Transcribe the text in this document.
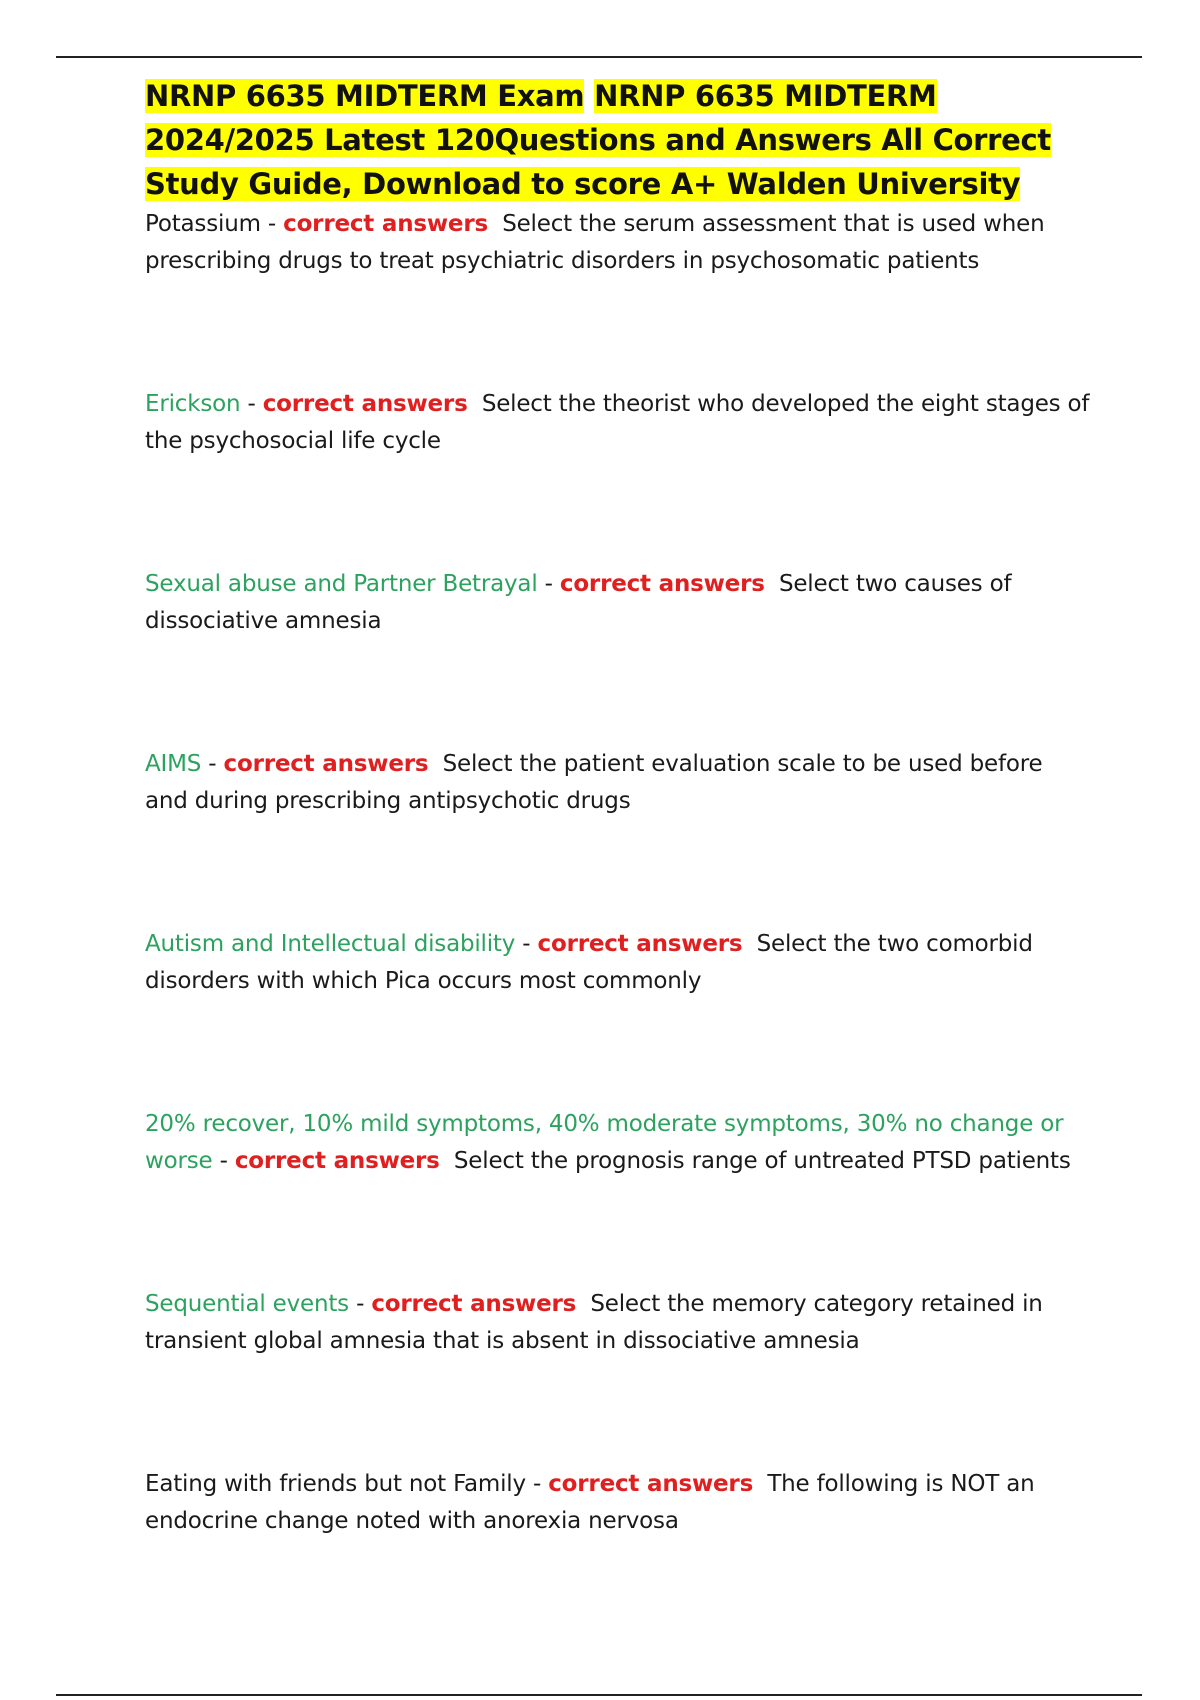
NRNP 6635 MIDTERM Exam NRNP 6635 MIDTERM 2024/2025 Latest 120Questions and Answers All Correct Study Guide, Download to score A+ Walden University
Potassium - correct answers Select the serum assessment that is used when prescribing drugs to treat psychiatric disorders in psychosomatic patients
Erickson - correct answers Select the theorist who developed the eight stages of the psychosocial life cycle
Sexual abuse and Partner Betrayal - correct answers Select two causes of dissociative amnesia
AIMS - correct answers Select the patient evaluation scale to be used before and during prescribing antipsychotic drugs
Autism and Intellectual disability - correct answers Select the two comorbid disorders with which Pica occurs most commonly
20% recover, 10% mild symptoms, 40% moderate symptoms, 30% no change or worse - correct answers Select the prognosis range of untreated PTSD patients
Sequential events - correct answers Select the memory category retained in transient global amnesia that is absent in dissociative amnesia
Eating with friends but not Family - correct answers The following is NOT an endocrine change noted with anorexia nervosa
